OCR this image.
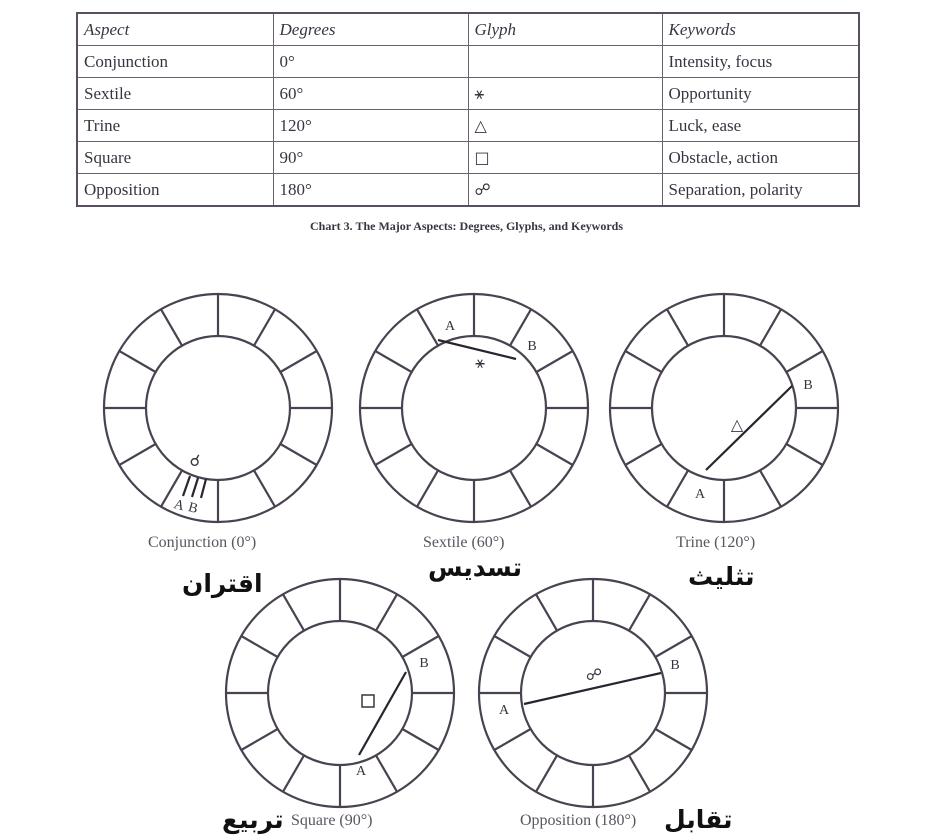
Aspect	Degrees	Glyph	Keywords
Conjunction	0°		Intensity, focus
Sextile	60°	⚹	Opportunity
Trine	120°	△	Luck, ease
Square	90°	□	Obstacle, action
Opposition	180°	☍	Separation, polarity
Chart 3. The Major Aspects: Degrees, Glyphs, and Keywords
☌
A B
⚹
A
B
△
B
A
B
A
☍	B
A
Conjunction (0°)
اقتران
Sextile (60°)
تسديس
Trine (120°)
تثليث
Square (90°)
تربيع	Opposition (180°) تقابل
